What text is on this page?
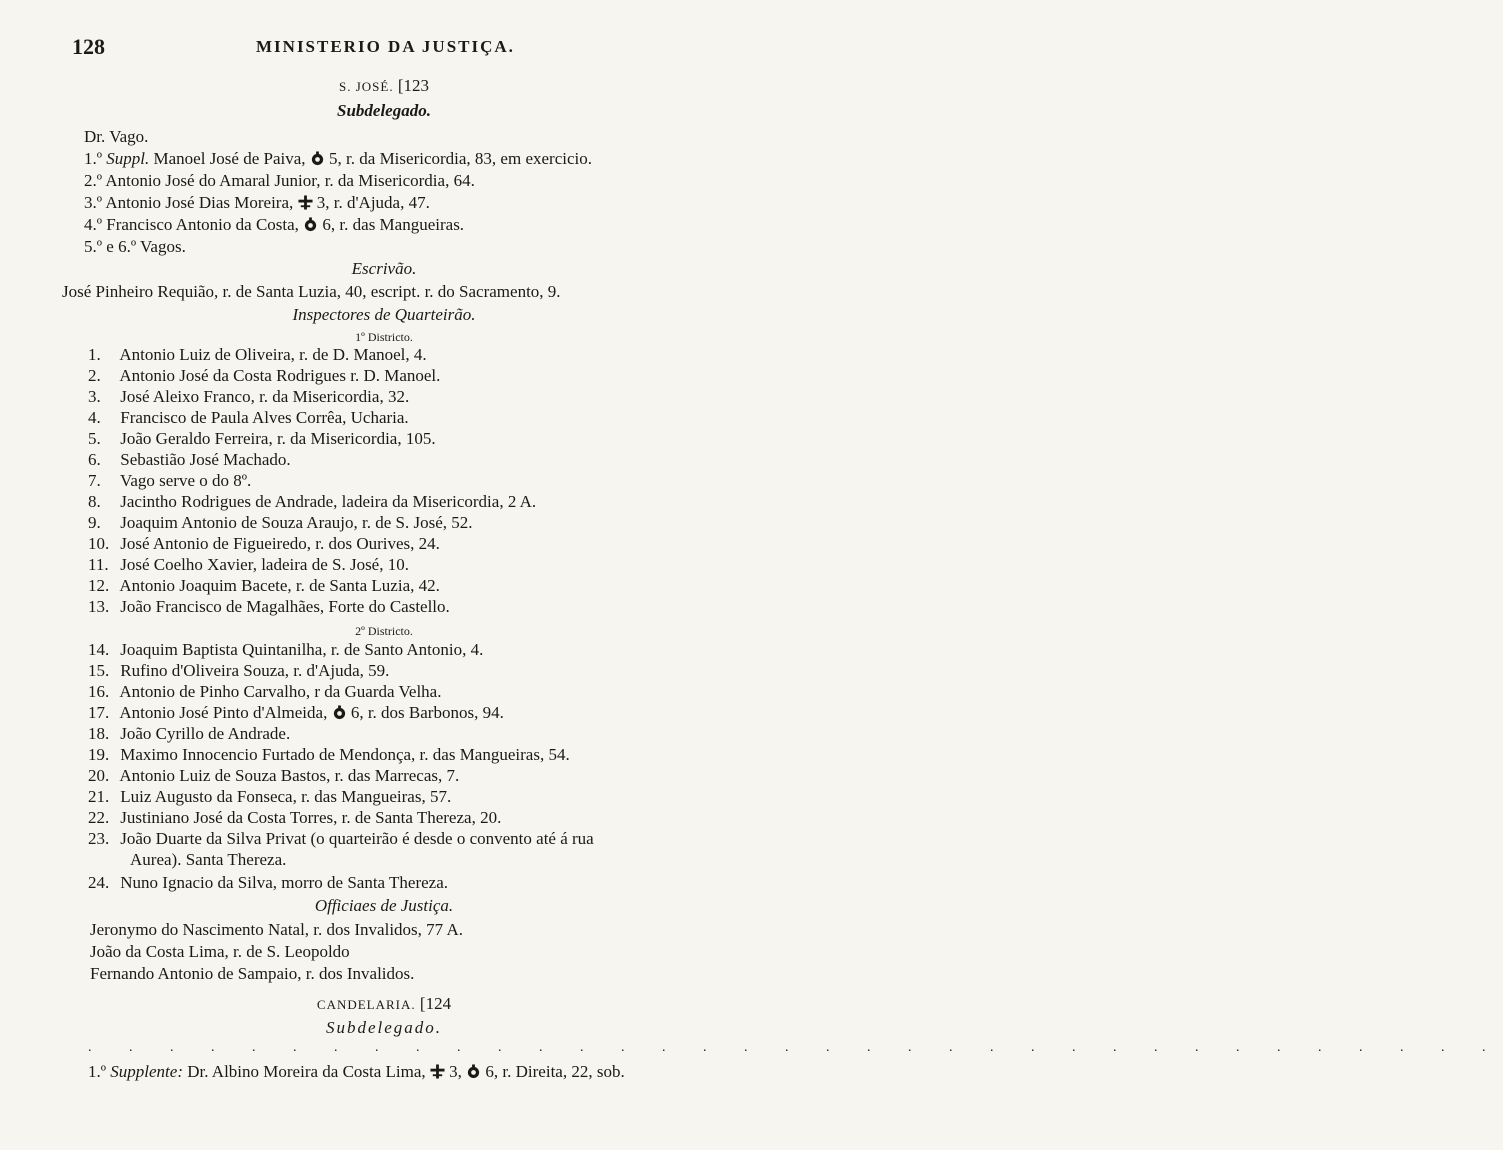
128	MINISTERIO DA JUSTIÇA.
S. JOSÉ. [123
Subdelegado.
Dr. Vago.
1.º Suppl. Manoel José de Paiva, 5, r. da Misericordia, 83, em exercicio.
2.º Antonio José do Amaral Junior, r. da Misericordia, 64.
3.º Antonio José Dias Moreira, 3, r. d'Ajuda, 47.
4.º Francisco Antonio da Costa, 6, r. das Mangueiras.
5.º e 6.º Vagos.
Escrivão.
José Pinheiro Requião, r. de Santa Luzia, 40, escript. r. do Sacramento, 9.
Inspectores de Quarteirão.
1º Districto.
1. Antonio Luiz de Oliveira, r. de D. Manoel, 4.
2. Antonio José da Costa Rodrigues r. D. Manoel.
3. José Aleixo Franco, r. da Misericordia, 32.
4. Francisco de Paula Alves Corrêa, Ucharia.
5. João Geraldo Ferreira, r. da Misericordia, 105.
6. Sebastião José Machado.
7. Vago serve o do 8º.
8. Jacintho Rodrigues de Andrade, ladeira da Misericordia, 2 A.
9. Joaquim Antonio de Souza Araujo, r. de S. José, 52.
10. José Antonio de Figueiredo, r. dos Ourives, 24.
11. José Coelho Xavier, ladeira de S. José, 10.
12. Antonio Joaquim Bacete, r. de Santa Luzia, 42.
13. João Francisco de Magalhães, Forte do Castello.
2º Districto.
14. Joaquim Baptista Quintanilha, r. de Santo Antonio, 4.
15. Rufino d'Oliveira Souza, r. d'Ajuda, 59.
16. Antonio de Pinho Carvalho, r da Guarda Velha.
17. Antonio José Pinto d'Almeida, 6, r. dos Barbonos, 94.
18. João Cyrillo de Andrade.
19. Maximo Innocencio Furtado de Mendonça, r. das Mangueiras, 54.
20. Antonio Luiz de Souza Bastos, r. das Marrecas, 7.
21. Luiz Augusto da Fonseca, r. das Mangueiras, 57.
22. Justiniano José da Costa Torres, r. de Santa Thereza, 20.
23. João Duarte da Silva Privat (o quarteirão é desde o convento até á rua
Aurea). Santa Thereza.
24. Nuno Ignacio da Silva, morro de Santa Thereza.
Officiaes de Justiça.
Jeronymo do Nascimento Natal, r. dos Invalidos, 77 A.
João da Costa Lima, r. de S. Leopoldo
Fernando Antonio de Sampaio, r. dos Invalidos.
CANDELARIA. [124
Subdelegado.
. . . . . . . . . . . . . . . . . . . . . . . . . . . . . . . . . . .
1.º Supplente: Dr. Albino Moreira da Costa Lima, 3, 6, r. Direita, 22, sob.
